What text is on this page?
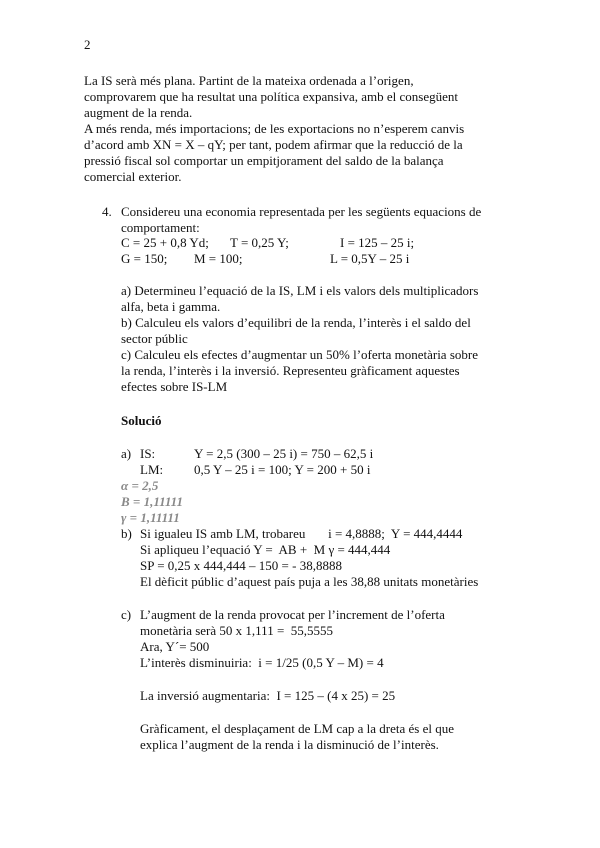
2
La IS serà més plana. Partint de la mateixa ordenada a l’origen,
comprovarem que ha resultat una política expansiva, amb el consegüent
augment de la renda.
A més renda, més importacions; de les exportacions no n’esperem canvis
d’acord amb XN = X – qY; per tant, podem afirmar que la reducció de la
pressió fiscal sol comportar un empitjorament del saldo de la balança
comercial exterior.
4. Considereu una economia representada per les següents equacions de
comportament:
C = 25 + 0,8 Yd; T = 0,25 Y;	I = 125 – 25 i;
G = 150; M = 100;	L = 0,5Y – 25 i
a) Determineu l’equació de la IS, LM i els valors dels multiplicadors
alfa, beta i gamma.
b) Calculeu els valors d’equilibri de la renda, l’interès i el saldo del
sector públic
c) Calculeu els efectes d’augmentar un 50% l’oferta monetària sobre
la renda, l’interès i la inversió. Representeu gràficament aquestes
efectes sobre IS-LM
Solució
a) IS:	Y = 2,5 (300 – 25 i) = 750 – 62,5 i
LM: 0,5 Y – 25 i = 100; Y = 200 + 50 i
α = 2,5
B = 1,11111
γ = 1,11111
b) Si igualeu IS amb LM, trobareu       i = 4,8888;  Y = 444,4444
Si apliqueu l’equació Y =  AB +  M γ = 444,444
SP = 0,25 x 444,444 – 150 = - 38,8888
El dèficit públic d’aquest país puja a les 38,88 unitats monetàries
c) L’augment de la renda provocat per l’increment de l’oferta
monetària serà 50 x 1,111 =  55,5555
Ara, Y´= 500
L’interès disminuiria:  i = 1/25 (0,5 Y – M) = 4
La inversió augmentaria:  I = 125 – (4 x 25) = 25
Gràficament, el desplaçament de LM cap a la dreta és el que
explica l’augment de la renda i la disminució de l’interès.
